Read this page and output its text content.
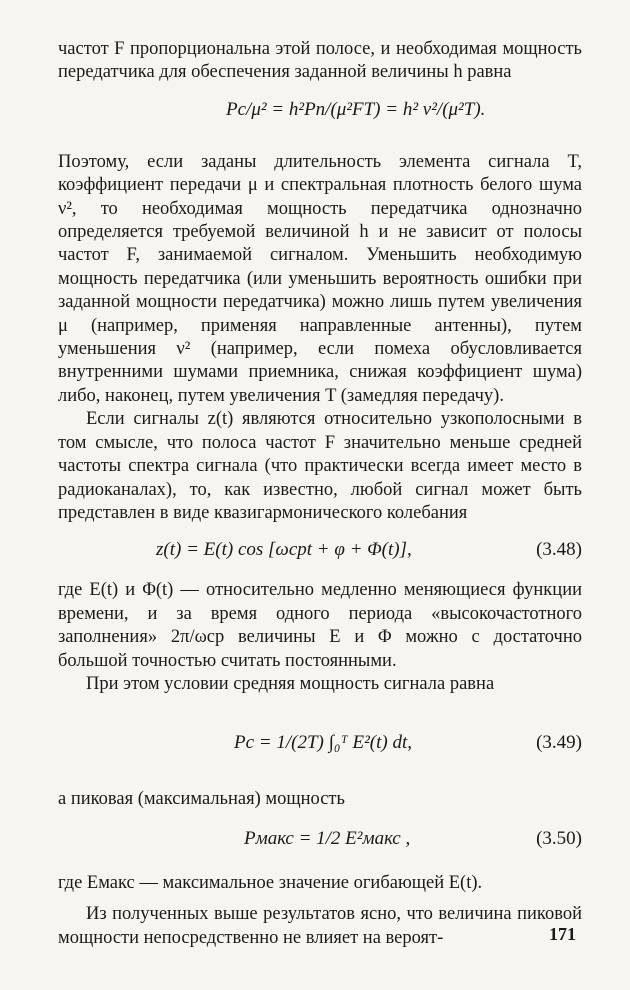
частот F пропорциональна этой полосе, и необходимая мощность передатчика для обеспечения заданной величины h равна

Pс/μ² = h²Pп/(μ²FT) = h² ν²/(μ²T).

Поэтому, если заданы длительность элемента сигнала T, коэффициент передачи μ и спектральная плотность белого шума ν², то необходимая мощность передатчика однозначно определяется требуемой величиной h и не зависит от полосы частот F, занимаемой сигналом. Уменьшить необходимую мощность передатчика (или уменьшить вероятность ошибки при заданной мощности передатчика) можно лишь путем увеличения μ (например, применяя направленные антенны), путем уменьшения ν² (например, если помеха обусловливается внутренними шумами приемника, снижая коэффициент шума) либо, наконец, путем увеличения T (замедляя передачу).

Если сигналы z(t) являются относительно узкополосными в том смысле, что полоса частот F значительно меньше средней частоты спектра сигнала (что практически всегда имеет место в радиоканалах), то, как известно, любой сигнал может быть представлен в виде квазигармонического колебания

z(t) = E(t) cos [ωсрt + φ + Φ(t)],	(3.48)

где E(t) и Φ(t) — относительно медленно меняющиеся функции времени, и за время одного периода «высокочастотного заполнения» 2π/ωср величины E и Φ можно с достаточно большой точностью считать постоянными.

При этом условии средняя мощность сигнала равна

Pс = 1/(2T) ∫₀ᵀ E²(t) dt,	(3.49)

а пиковая (максимальная) мощность

Pмакс = 1/2 E²макс ,	(3.50)

где Eмакс — максимальное значение огибающей E(t).

Из полученных выше результатов ясно, что величина пиковой мощности непосредственно не влияет на вероят-	171
